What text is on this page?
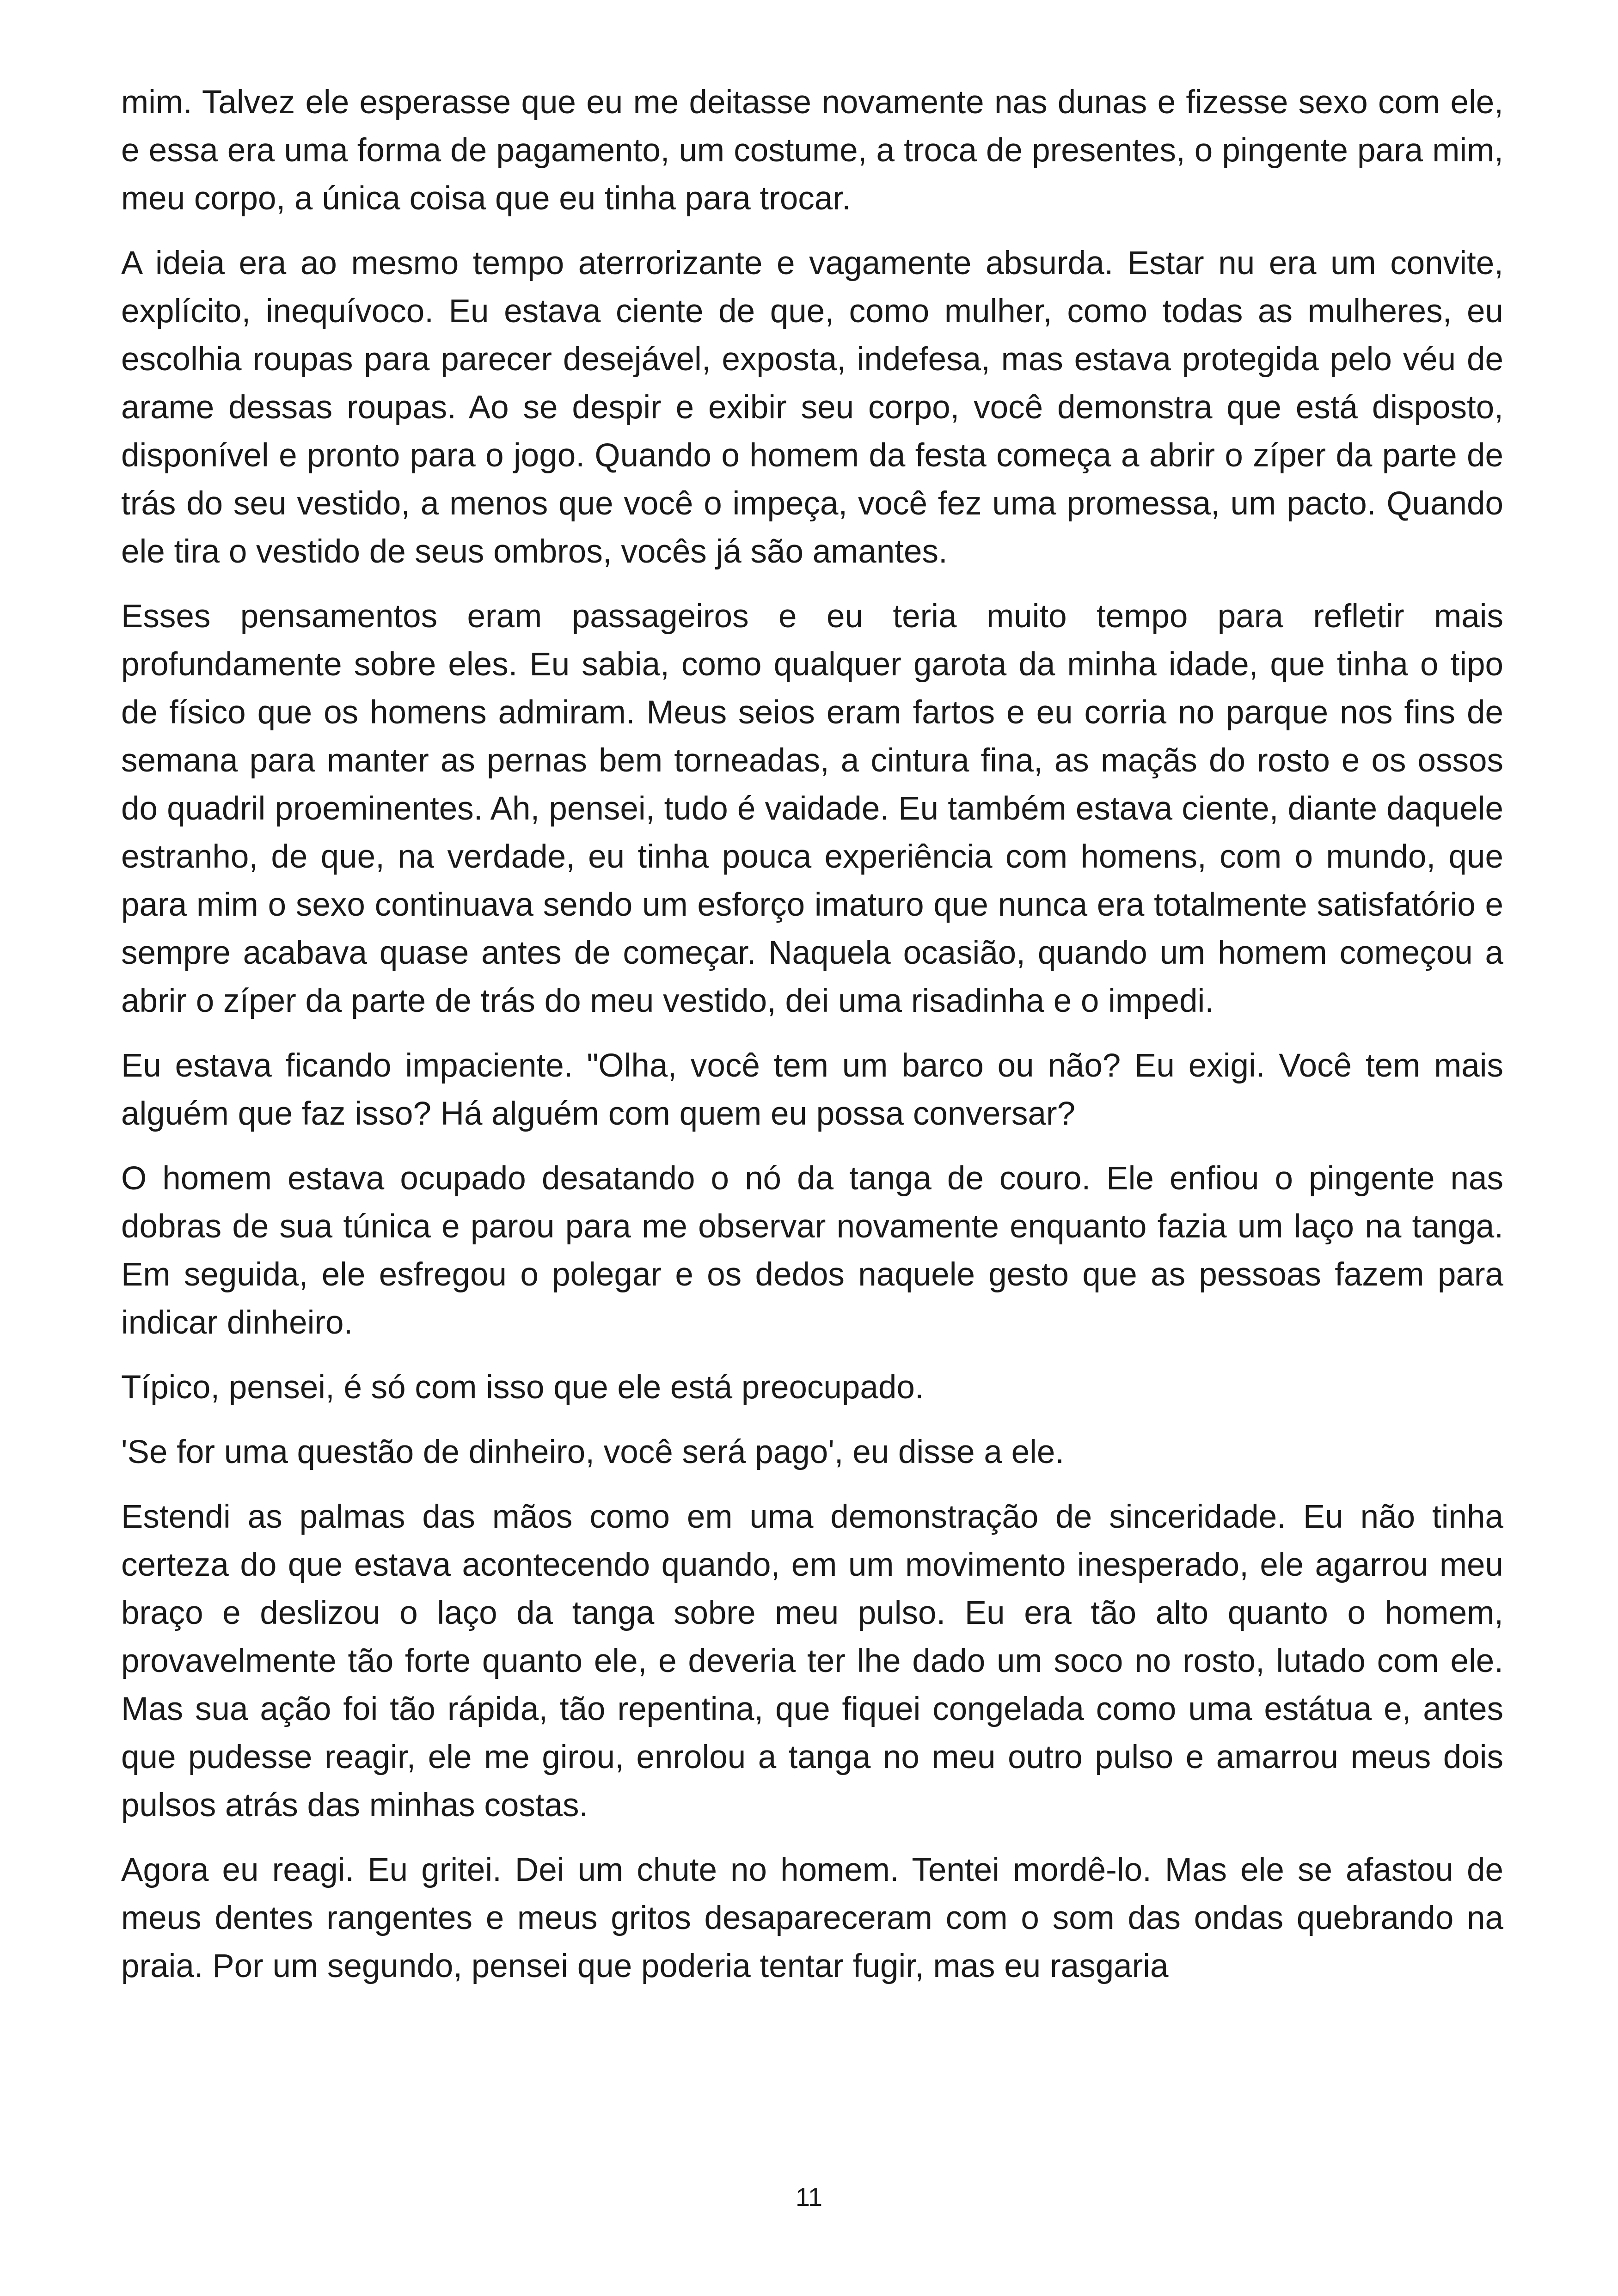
mim. Talvez ele esperasse que eu me deitasse novamente nas dunas e fizesse sexo com ele, e essa era uma forma de pagamento, um costume, a troca de presentes, o pingente para mim, meu corpo, a única coisa que eu tinha para trocar.

A ideia era ao mesmo tempo aterrorizante e vagamente absurda. Estar nu era um convite, explícito, inequívoco. Eu estava ciente de que, como mulher, como todas as mulheres, eu escolhia roupas para parecer desejável, exposta, indefesa, mas estava protegida pelo véu de arame dessas roupas. Ao se despir e exibir seu corpo, você demonstra que está disposto, disponível e pronto para o jogo. Quando o homem da festa começa a abrir o zíper da parte de trás do seu vestido, a menos que você o impeça, você fez uma promessa, um pacto. Quando ele tira o vestido de seus ombros, vocês já são amantes.

Esses pensamentos eram passageiros e eu teria muito tempo para refletir mais profundamente sobre eles. Eu sabia, como qualquer garota da minha idade, que tinha o tipo de físico que os homens admiram. Meus seios eram fartos e eu corria no parque nos fins de semana para manter as pernas bem torneadas, a cintura fina, as maçãs do rosto e os ossos do quadril proeminentes. Ah, pensei, tudo é vaidade. Eu também estava ciente, diante daquele estranho, de que, na verdade, eu tinha pouca experiência com homens, com o mundo, que para mim o sexo continuava sendo um esforço imaturo que nunca era totalmente satisfatório e sempre acabava quase antes de começar. Naquela ocasião, quando um homem começou a abrir o zíper da parte de trás do meu vestido, dei uma risadinha e o impedi.

Eu estava ficando impaciente. "Olha, você tem um barco ou não? Eu exigi. Você tem mais alguém que faz isso? Há alguém com quem eu possa conversar?

O homem estava ocupado desatando o nó da tanga de couro. Ele enfiou o pingente nas dobras de sua túnica e parou para me observar novamente enquanto fazia um laço na tanga. Em seguida, ele esfregou o polegar e os dedos naquele gesto que as pessoas fazem para indicar dinheiro.

Típico, pensei, é só com isso que ele está preocupado.

'Se for uma questão de dinheiro, você será pago', eu disse a ele.

Estendi as palmas das mãos como em uma demonstração de sinceridade. Eu não tinha certeza do que estava acontecendo quando, em um movimento inesperado, ele agarrou meu braço e deslizou o laço da tanga sobre meu pulso. Eu era tão alto quanto o homem, provavelmente tão forte quanto ele, e deveria ter lhe dado um soco no rosto, lutado com ele. Mas sua ação foi tão rápida, tão repentina, que fiquei congelada como uma estátua e, antes que pudesse reagir, ele me girou, enrolou a tanga no meu outro pulso e amarrou meus dois pulsos atrás das minhas costas.

Agora eu reagi. Eu gritei. Dei um chute no homem. Tentei mordê-lo. Mas ele se afastou de meus dentes rangentes e meus gritos desapareceram com o som das ondas quebrando na praia. Por um segundo, pensei que poderia tentar fugir, mas eu rasgaria

11
